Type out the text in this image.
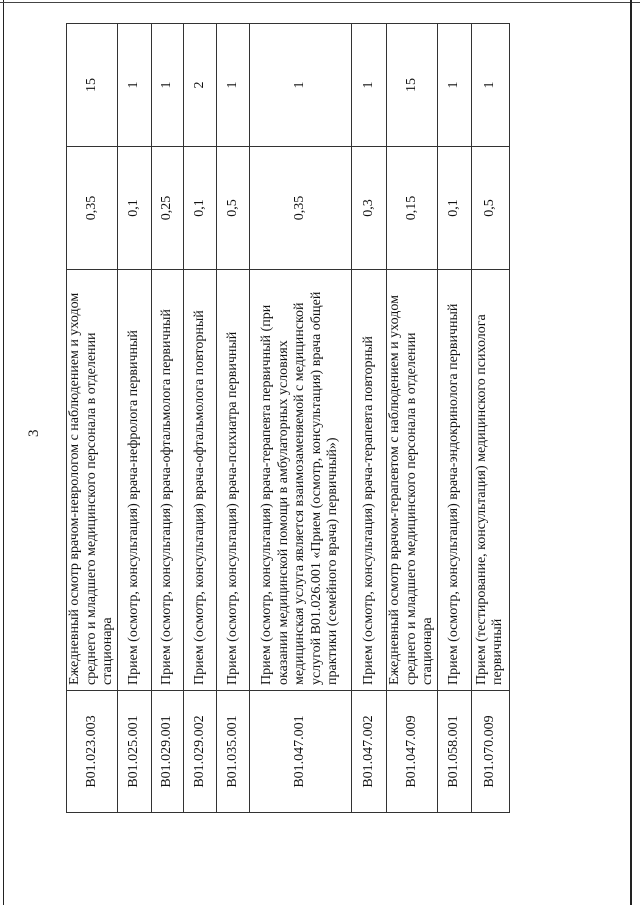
3
B01.023.003	Ежедневный осмотр врачом-неврологом с наблюдением и уходом среднего и младшего медицинского персонала в отделении стационара	0,35	15
B01.025.001	Прием (осмотр, консультация) врача-нефролога первичный	0,1	1
B01.029.001	Прием (осмотр, консультация) врача-офтальмолога первичный	0,25	1
B01.029.002	Прием (осмотр, консультация) врача-офтальмолога повторный	0,1	2
B01.035.001	Прием (осмотр, консультация) врача-психиатра первичный	0,5	1
B01.047.001	Прием (осмотр, консультация) врача-терапевта первичный (при оказании медицинской помощи в амбулаторных условиях медицинская услуга является взаимозаменяемой с медицинской услугой B01.026.001 «Прием (осмотр, консультация) врача общей практики (семейного врача) первичный»)	0,35	1
B01.047.002	Прием (осмотр, консультация) врача-терапевта повторный	0,3	1
B01.047.009	Ежедневный осмотр врачом-терапевтом с наблюдением и уходом среднего и младшего медицинского персонала в отделении стационара	0,15	15
B01.058.001	Прием (осмотр, консультация) врача-эндокринолога первичный	0,1	1
B01.070.009	Прием (тестирование, консультация) медицинского психолога первичный	0,5	1
